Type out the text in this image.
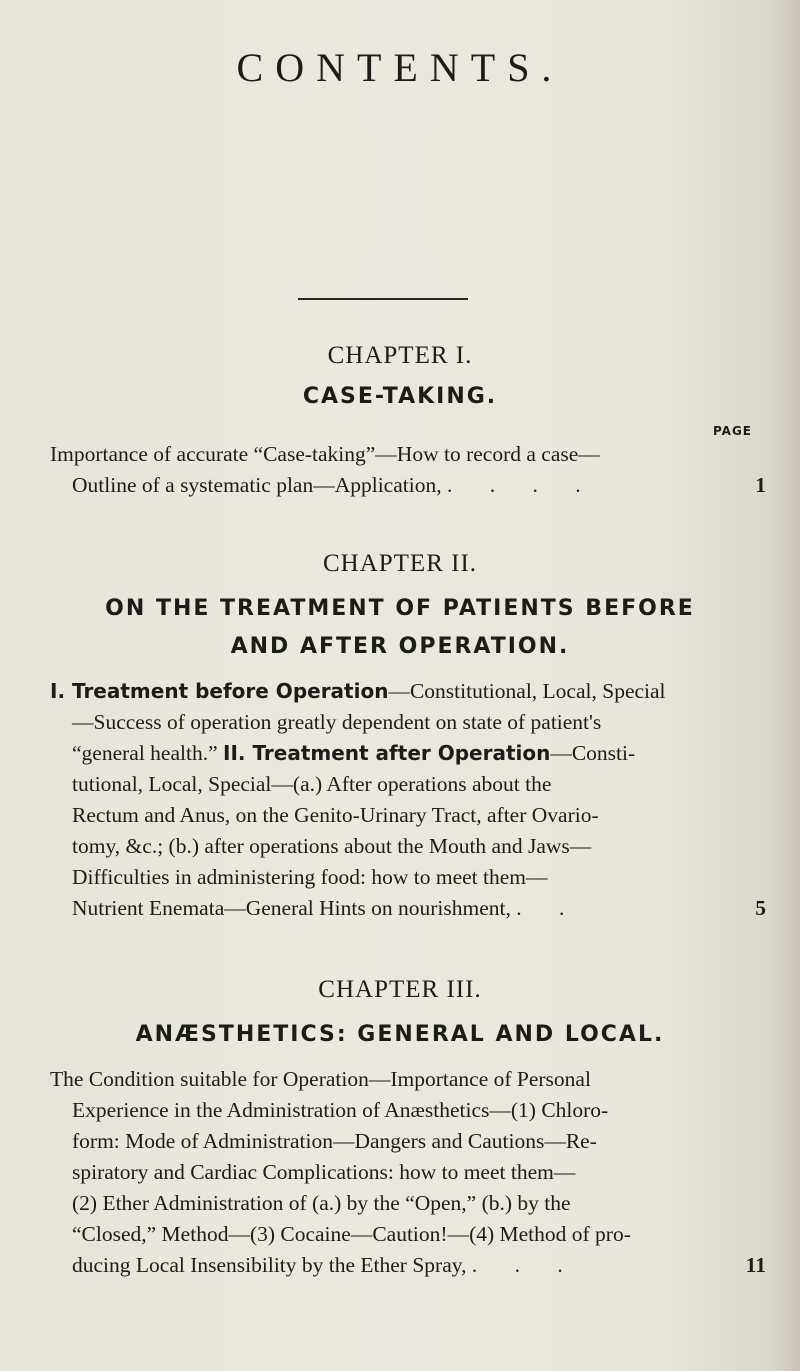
CONTENTS.
CHAPTER I.
CASE-TAKING.
PAGE
Importance of accurate “Case-taking”—How to record a case—
Outline of a systematic plan—Application, . . . .	1
CHAPTER II.
ON THE TREATMENT OF PATIENTS BEFORE
AND AFTER OPERATION.
I. Treatment before Operation—Constitutional, Local, Special
—Success of operation greatly dependent on state of patient's
“general health.” II. Treatment after Operation—Consti-
tutional, Local, Special—(a.) After operations about the
Rectum and Anus, on the Genito-Urinary Tract, after Ovario-
tomy, &c.; (b.) after operations about the Mouth and Jaws—
Difficulties in administering food: how to meet them—
Nutrient Enemata—General Hints on nourishment, . .	5
CHAPTER III.
ANÆSTHETICS: GENERAL AND LOCAL.
The Condition suitable for Operation—Importance of Personal
Experience in the Administration of Anæsthetics—(1) Chloro-
form: Mode of Administration—Dangers and Cautions—Re-
spiratory and Cardiac Complications: how to meet them—
(2) Ether Administration of (a.) by the “Open,” (b.) by the
“Closed,” Method—(3) Cocaine—Caution!—(4) Method of pro-
ducing Local Insensibility by the Ether Spray, . . .	11
